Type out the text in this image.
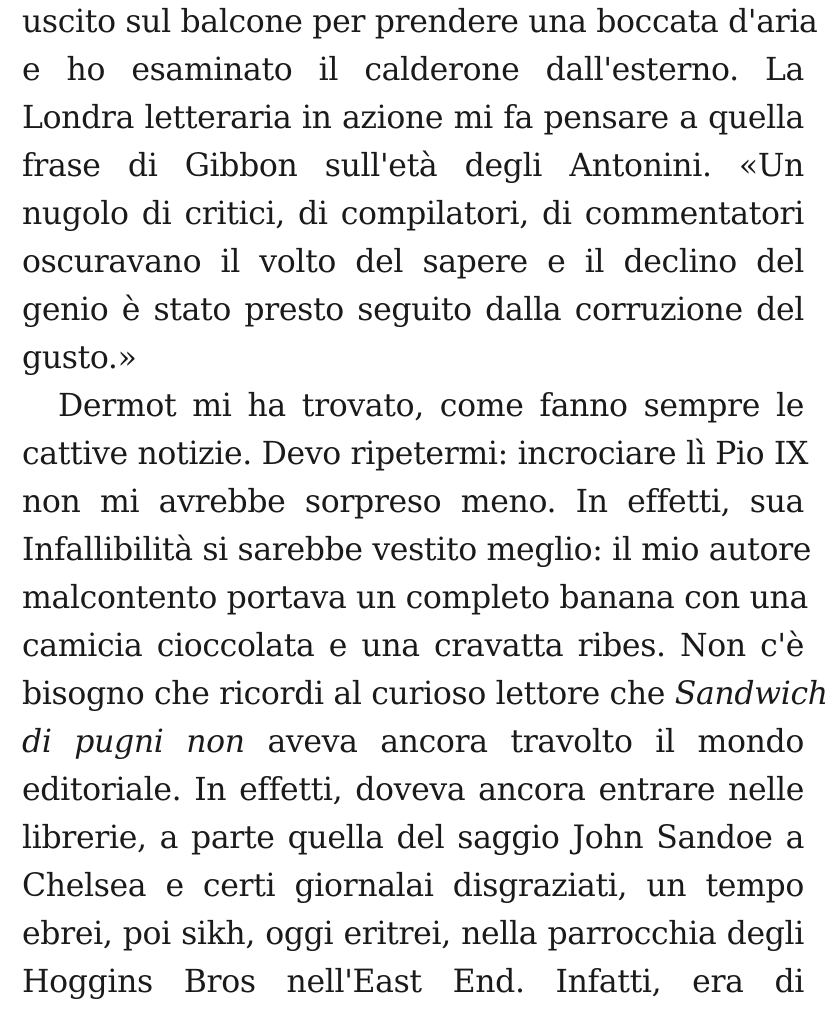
uscito sul balcone per prendere una boccata d'aria
e ho esaminato il calderone dall'esterno. La
Londra letteraria in azione mi fa pensare a quella
frase di Gibbon sull'età degli Antonini. «Un
nugolo di critici, di compilatori, di commentatori
oscuravano il volto del sapere e il declino del
genio è stato presto seguito dalla corruzione del
gusto.»
Dermot mi ha trovato, come fanno sempre le
cattive notizie. Devo ripetermi: incrociare lì Pio IX
non mi avrebbe sorpreso meno. In effetti, sua
Infallibilità si sarebbe vestito meglio: il mio autore
malcontento portava un completo banana con una
camicia cioccolata e una cravatta ribes. Non c'è
bisogno che ricordi al curioso lettore che Sandwich
di pugni non aveva ancora travolto il mondo
editoriale. In effetti, doveva ancora entrare nelle
librerie, a parte quella del saggio John Sandoe a
Chelsea e certi giornalai disgraziati, un tempo
ebrei, poi sikh, oggi eritrei, nella parrocchia degli
Hoggins Bros nell'East End. Infatti, era di
